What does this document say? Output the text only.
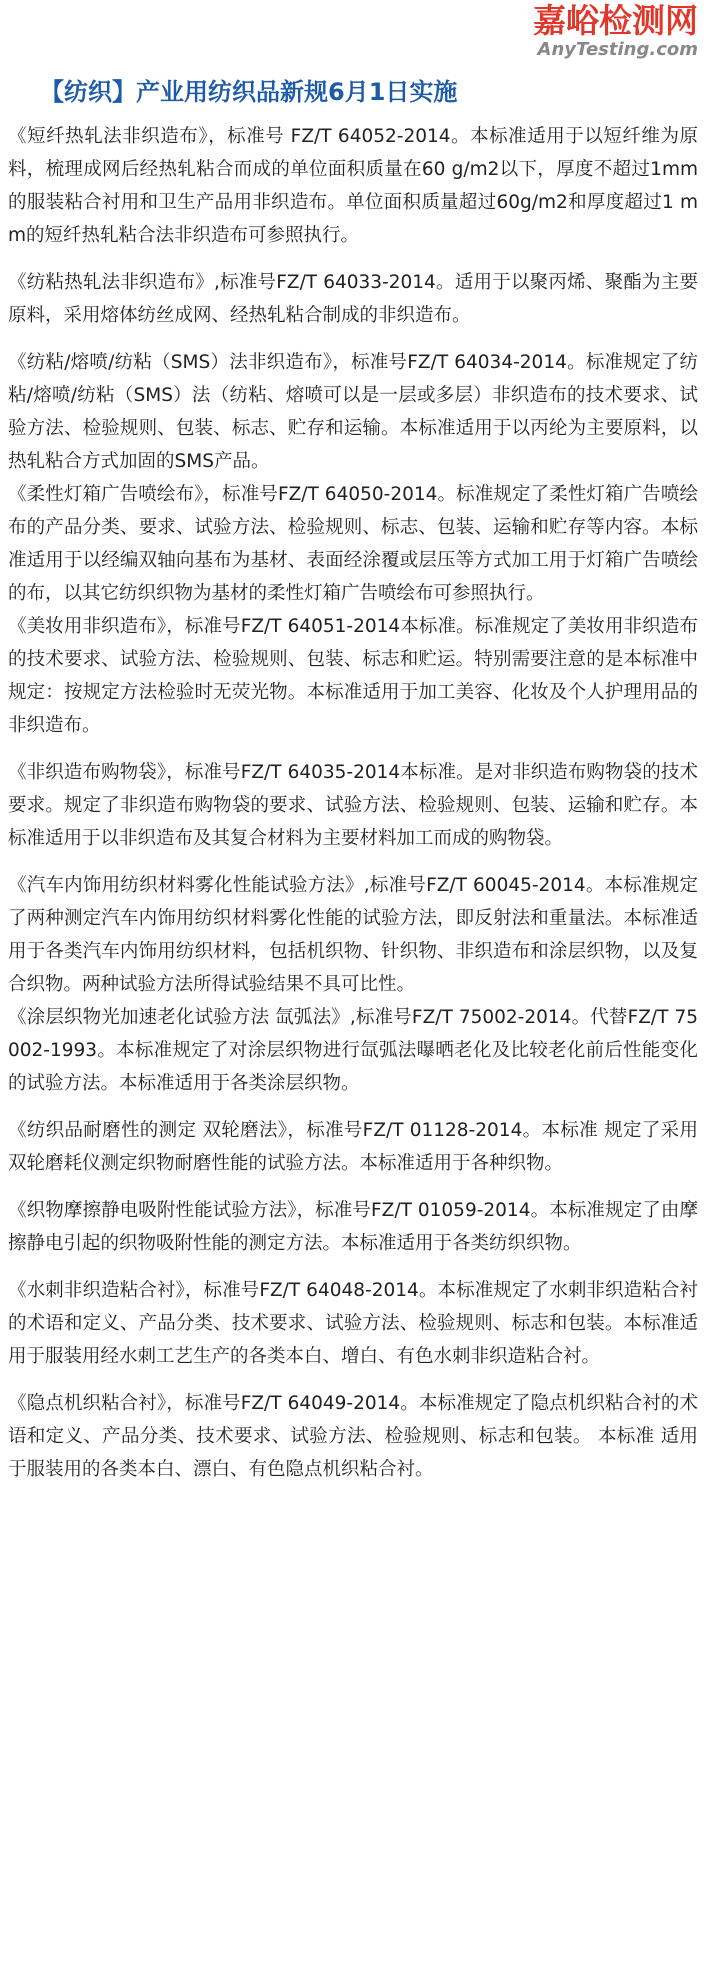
嘉峪检测网
AnyTesting.com
【纺织】产业用纺织品新规6月1日实施

《短纤热轧法非织造布》，标准号 FZ/T 64052-2014。本标准适用于以短纤维为原料，梳理成网后经热轧粘合而成的单位面积质量在60 g/m2以下，厚度不超过1mm的服装粘合衬用和卫生产品用非织造布。单位面积质量超过60g/m2和厚度超过1 mm的短纤热轧粘合法非织造布可参照执行。

《纺粘热轧法非织造布》,标准号FZ/T 64033-2014。适用于以聚丙烯、聚酯为主要原料，采用熔体纺丝成网、经热轧粘合制成的非织造布。

《纺粘/熔喷/纺粘（SMS）法非织造布》，标准号FZ/T 64034-2014。标准规定了纺粘/熔喷/纺粘（SMS）法（纺粘、熔喷可以是一层或多层）非织造布的技术要求、试验方法、检验规则、包装、标志、贮存和运输。本标准适用于以丙纶为主要原料，以热轧粘合方式加固的SMS产品。

《柔性灯箱广告喷绘布》，标准号FZ/T 64050-2014。标准规定了柔性灯箱广告喷绘布的产品分类、要求、试验方法、检验规则、标志、包装、运输和贮存等内容。本标准适用于以经编双轴向基布为基材、表面经涂覆或层压等方式加工用于灯箱广告喷绘的布，以其它纺织织物为基材的柔性灯箱广告喷绘布可参照执行。

《美妆用非织造布》，标准号FZ/T 64051-2014本标准。标准规定了美妆用非织造布的技术要求、试验方法、检验规则、包装、标志和贮运。特别需要注意的是本标准中规定：按规定方法检验时无荧光物。本标准适用于加工美容、化妆及个人护理用品的非织造布。

《非织造布购物袋》，标准号FZ/T 64035-2014本标准。是对非织造布购物袋的技术要求。规定了非织造布购物袋的要求、试验方法、检验规则、包装、运输和贮存。本标准适用于以非织造布及其复合材料为主要材料加工而成的购物袋。

《汽车内饰用纺织材料雾化性能试验方法》,标准号FZ/T 60045-2014。本标准规定了两种测定汽车内饰用纺织材料雾化性能的试验方法，即反射法和重量法。本标准适用于各类汽车内饰用纺织材料，包括机织物、针织物、非织造布和涂层织物，以及复合织物。两种试验方法所得试验结果不具可比性。

《涂层织物光加速老化试验方法 氙弧法》,标准号FZ/T 75002-2014。代替FZ/T 75002-1993。本标准规定了对涂层织物进行氙弧法曝晒老化及比较老化前后性能变化的试验方法。本标准适用于各类涂层织物。

《纺织品耐磨性的测定 双轮磨法》，标准号FZ/T 01128-2014。本标准 规定了采用双轮磨耗仪测定织物耐磨性能的试验方法。本标准适用于各种织物。

《织物摩擦静电吸附性能试验方法》，标准号FZ/T 01059-2014。本标准规定了由摩擦静电引起的织物吸附性能的测定方法。本标准适用于各类纺织织物。

《水刺非织造粘合衬》，标准号FZ/T 64048-2014。本标准规定了水刺非织造粘合衬的术语和定义、产品分类、技术要求、试验方法、检验规则、标志和包装。本标准适用于服装用经水刺工艺生产的各类本白、增白、有色水刺非织造粘合衬。

《隐点机织粘合衬》，标准号FZ/T 64049-2014。本标准规定了隐点机织粘合衬的术语和定义、产品分类、技术要求、试验方法、检验规则、标志和包装。 本标准 适用于服装用的各类本白、漂白、有色隐点机织粘合衬。
